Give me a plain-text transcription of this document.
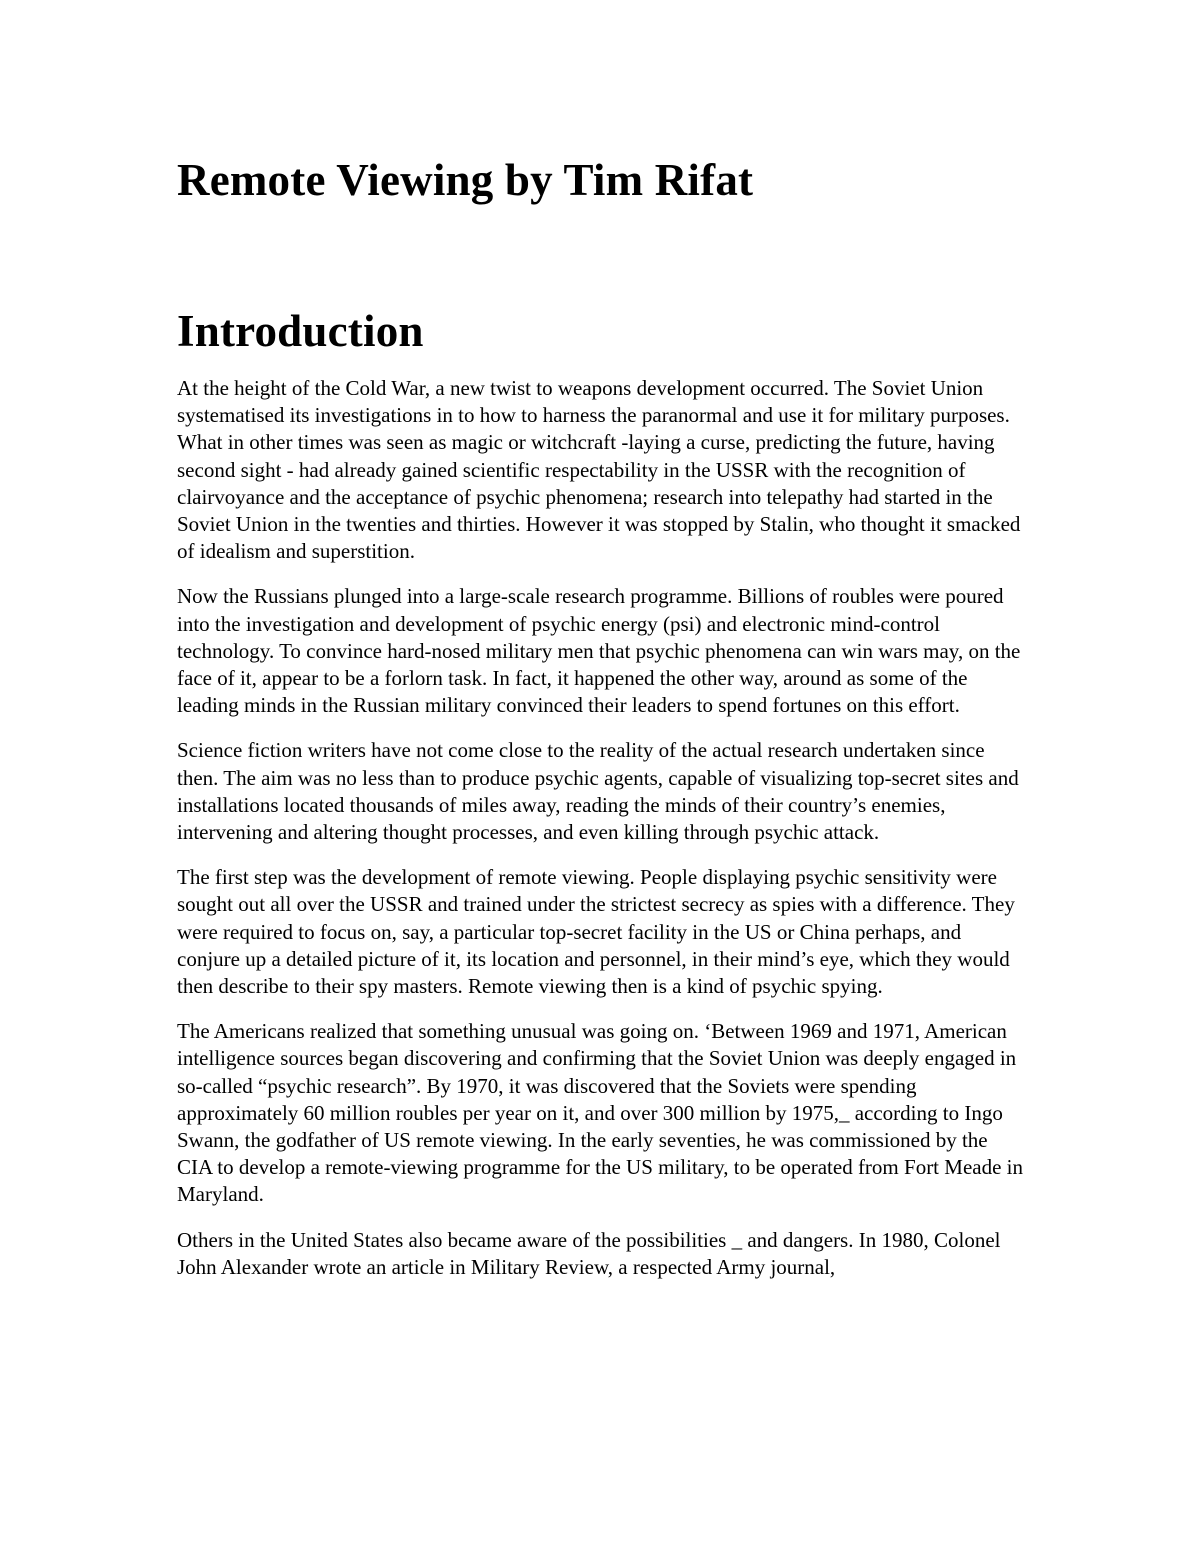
Remote Viewing by Tim Rifat
Introduction

At the height of the Cold War, a new twist to weapons development occurred. The Soviet Union systematised its investigations in to how to harness the paranormal and use it for military purposes. What in other times was seen as magic or witchcraft -laying a curse, predicting the future, having second sight - had already gained scientific respectability in the USSR with the recognition of clairvoyance and the acceptance of psychic phenomena; research into telepathy had started in the Soviet Union in the twenties and thirties. However it was stopped by Stalin, who thought it smacked of idealism and superstition.

Now the Russians plunged into a large-scale research programme. Billions of roubles were poured into the investigation and development of psychic energy (psi) and electronic mind-control technology. To convince hard-nosed military men that psychic phenomena can win wars may, on the face of it, appear to be a forlorn task. In fact, it happened the other way, around as some of the leading minds in the Russian military convinced their leaders to spend fortunes on this effort.

Science fiction writers have not come close to the reality of the actual research undertaken since then. The aim was no less than to produce psychic agents, capable of visualizing top-secret sites and installations located thousands of miles away, reading the minds of their country’s enemies, intervening and altering thought processes, and even killing through psychic attack.

The first step was the development of remote viewing. People displaying psychic sensitivity were sought out all over the USSR and trained under the strictest secrecy as spies with a difference. They were required to focus on, say, a particular top-secret facility in the US or China perhaps, and conjure up a detailed picture of it, its location and personnel, in their mind’s eye, which they would then describe to their spy masters. Remote viewing then is a kind of psychic spying.

The Americans realized that something unusual was going on. ‘Between 1969 and 1971, American intelligence sources began discovering and confirming that the Soviet Union was deeply engaged in so-called “psychic research”. By 1970, it was discovered that the Soviets were spending approximately 60 million roubles per year on it, and over 300 million by 1975,_ according to Ingo Swann, the godfather of US remote viewing. In the early seventies, he was commissioned by the CIA to develop a remote-viewing programme for the US military, to be operated from Fort Meade in Maryland.

Others in the United States also became aware of the possibilities _ and dangers. In 1980, Colonel John Alexander wrote an article in Military Review, a respected Army journal,
